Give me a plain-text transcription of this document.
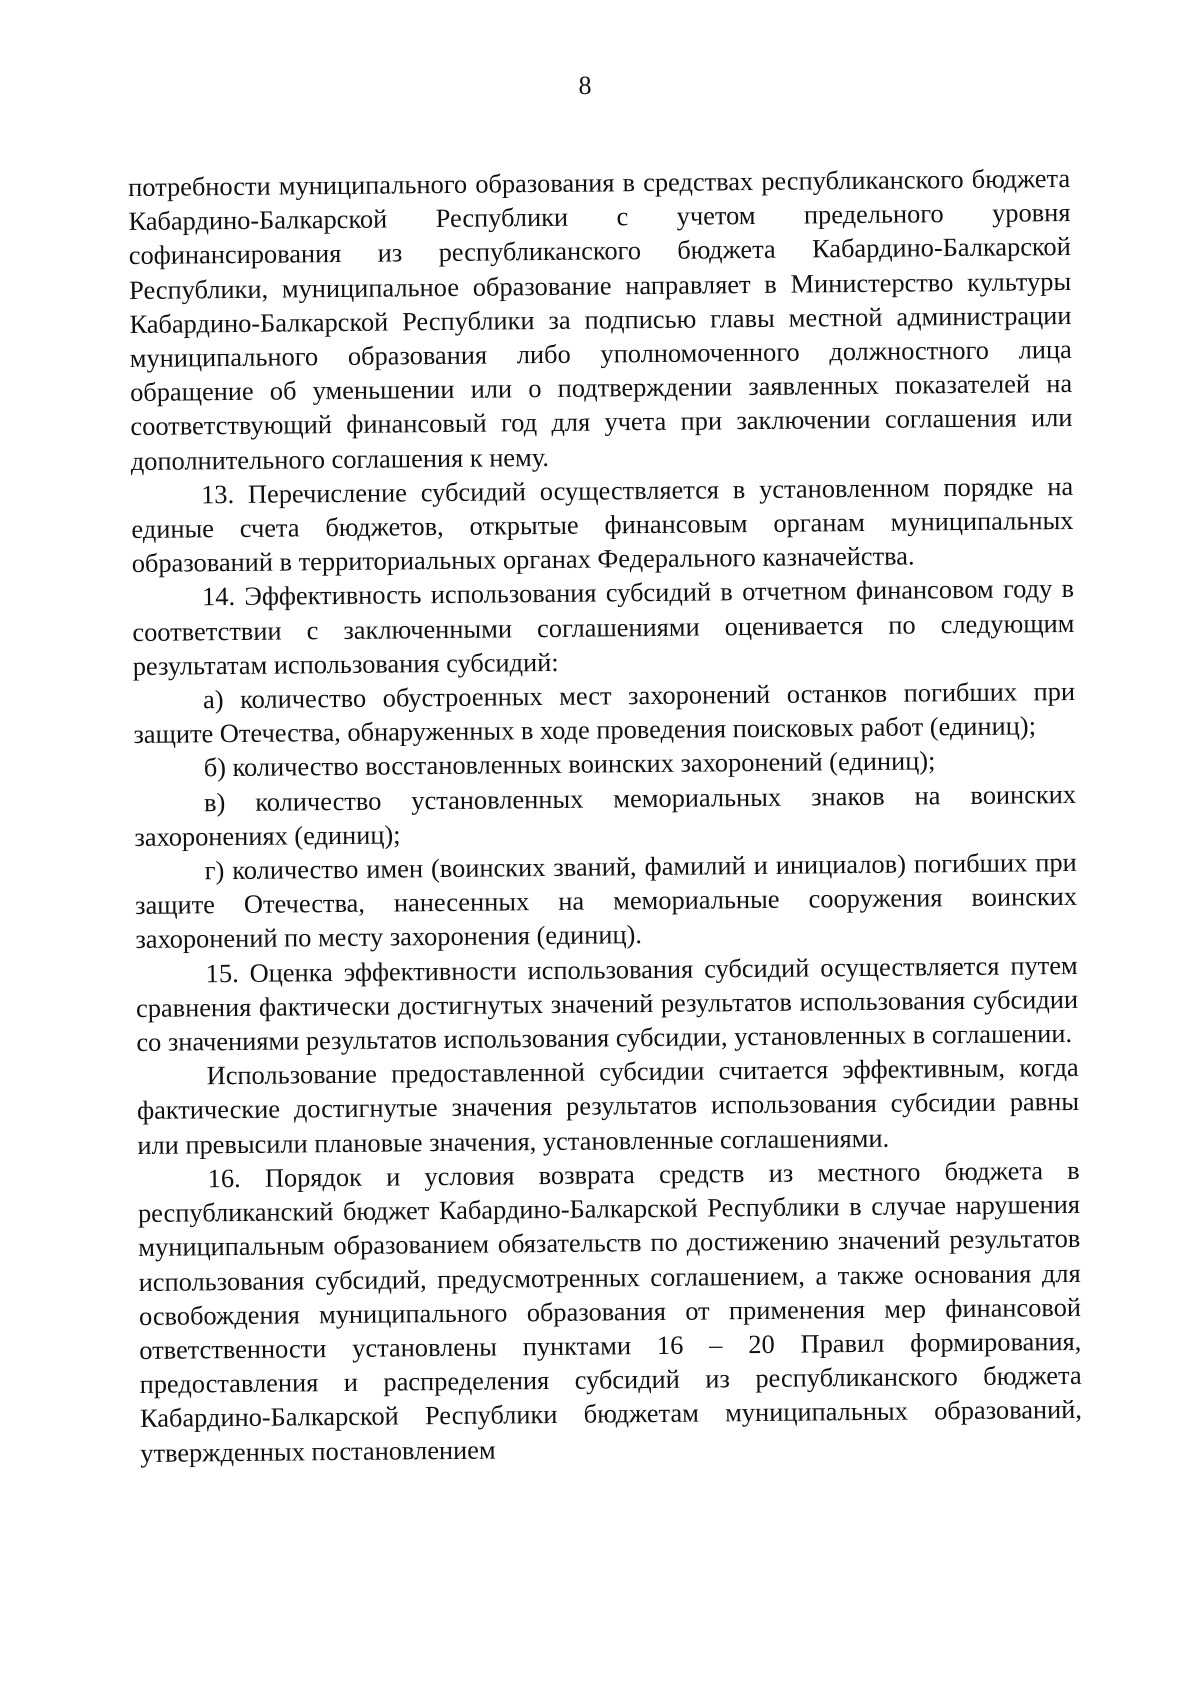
8

потребности муниципального образования в средствах республиканского бюджета Кабардино-Балкарской Республики с учетом предельного уровня софинансирования из республиканского бюджета Кабардино-Балкарской Республики, муниципальное образование направляет в Министерство культуры Кабардино-Балкарской Республики за подписью главы местной администрации муниципального образования либо уполномоченного должностного лица обращение об уменьшении или о подтверждении заявленных показателей на соответствующий финансовый год для учета при заключении соглашения или дополнительного соглашения к нему.

13. Перечисление субсидий осуществляется в установленном порядке на единые счета бюджетов, открытые финансовым органам муниципальных образований в территориальных органах Федерального казначейства.

14. Эффективность использования субсидий в отчетном финансовом году в соответствии с заключенными соглашениями оценивается по следующим результатам использования субсидий:

а) количество обустроенных мест захоронений останков погибших при защите Отечества, обнаруженных в ходе проведения поисковых работ (единиц);

б) количество восстановленных воинских захоронений (единиц);

в) количество установленных мемориальных знаков на воинских захоронениях (единиц);

г) количество имен (воинских званий, фамилий и инициалов) погибших при защите Отечества, нанесенных на мемориальные сооружения воинских захоронений по месту захоронения (единиц).

15. Оценка эффективности использования субсидий осуществляется путем сравнения фактически достигнутых значений результатов использования субсидии со значениями результатов использования субсидии, установленных в соглашении.

Использование предоставленной субсидии считается эффективным, когда фактические достигнутые значения результатов использования субсидии равны или превысили плановые значения, установленные соглашениями.

16. Порядок и условия возврата средств из местного бюджета в республиканский бюджет Кабардино-Балкарской Республики в случае нарушения муниципальным образованием обязательств по достижению значений результатов использования субсидий, предусмотренных соглашением, а также основания для освобождения муниципального образования от применения мер финансовой ответственности установлены пунктами 16 – 20 Правил формирования, предоставления и распределения субсидий из республиканского бюджета Кабардино-Балкарской Республики бюджетам муниципальных образований, утвержденных постановлением
